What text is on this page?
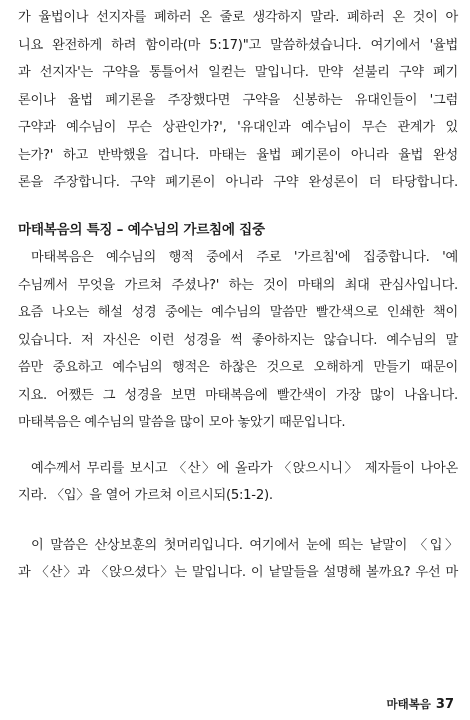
가 율법이나 선지자를 폐하러 온 줄로 생각하지 말라. 폐하러 온 것이 아
니요 완전하게 하려 함이라(마 5:17)"고 말씀하셨습니다. 여기에서 '율법
과 선지자'는 구약을 통틀어서 일컫는 말입니다. 만약 섣불리 구약 폐기
론이나 율법 폐기론을 주장했다면 구약을 신봉하는 유대인들이 '그럼
구약과 예수님이 무슨 상관인가?', '유대인과 예수님이 무슨 관계가 있
는가?' 하고 반박했을 겁니다. 마태는 율법 폐기론이 아니라 율법 완성
론을 주장합니다. 구약 폐기론이 아니라 구약 완성론이 더 타당합니다.
마태복음의 특징 – 예수님의 가르침에 집중
마태복음은 예수님의 행적 중에서 주로 '가르침'에 집중합니다. '예
수님께서 무엇을 가르쳐 주셨나?' 하는 것이 마태의 최대 관심사입니다.
요즘 나오는 해설 성경 중에는 예수님의 말씀만 빨간색으로 인쇄한 책이
있습니다. 저 자신은 이런 성경을 썩 좋아하지는 않습니다. 예수님의 말
씀만 중요하고 예수님의 행적은 하찮은 것으로 오해하게 만들기 때문이
지요. 어쨌든 그 성경을 보면 마태복음에 빨간색이 가장 많이 나옵니다.
마태복음은 예수님의 말씀을 많이 모아 놓았기 때문입니다.
예수께서 무리를 보시고 〈산〉에 올라가 〈앉으시니〉 제자들이 나아온
지라. 〈입〉을 열어 가르쳐 이르시되(5:1-2).
이 말씀은 산상보훈의 첫머리입니다. 여기에서 눈에 띄는 낱말이 〈입〉
과 〈산〉과 〈앉으셨다〉는 말입니다. 이 낱말들을 설명해 볼까요? 우선 마
마태복음 37
